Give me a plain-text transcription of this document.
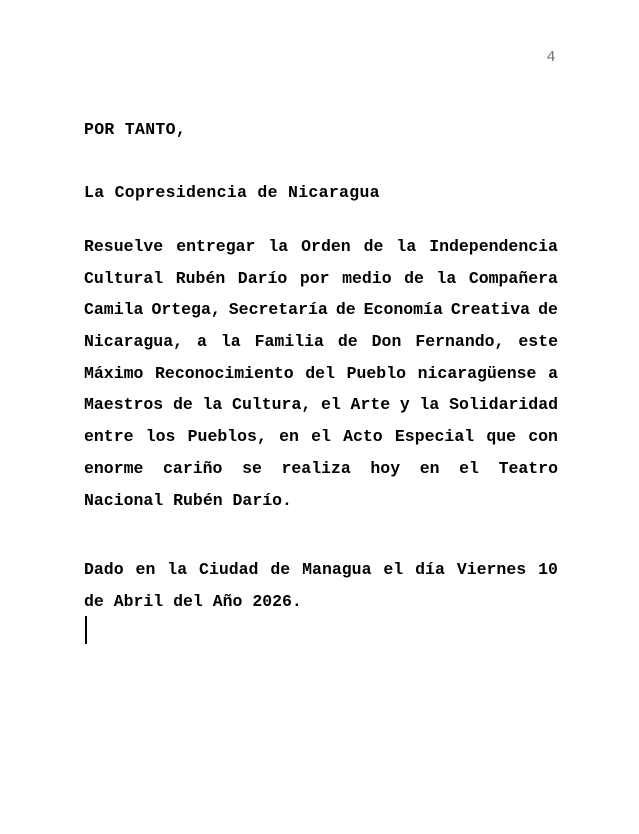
4
POR TANTO,
La Copresidencia de Nicaragua
Resuelve entregar la Orden de la Independencia
Cultural Rubén Darío por medio de la Compañera
Camila Ortega, Secretaría de Economía Creativa de
Nicaragua, a la Familia de Don Fernando, este
Máximo Reconocimiento del Pueblo nicaragüense a
Maestros de la Cultura, el Arte y la Solidaridad
entre los Pueblos, en el Acto Especial que con
enorme cariño se realiza hoy en el Teatro
Nacional Rubén Darío.
Dado en la Ciudad de Managua el día Viernes 10
de Abril del Año 2026.
